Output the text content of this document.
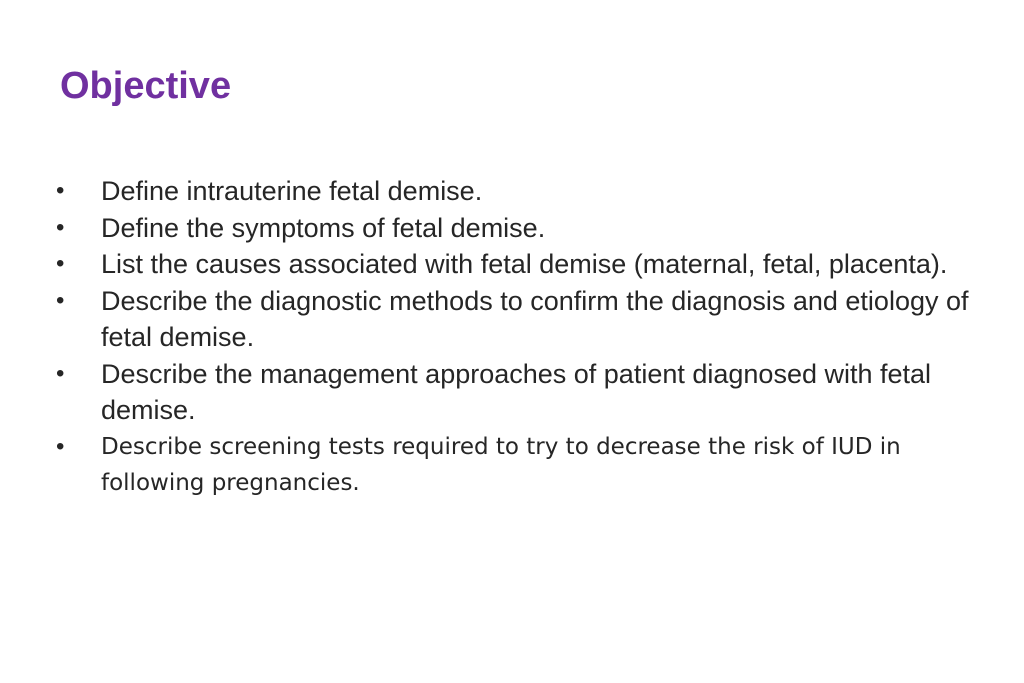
Objective
• Define intrauterine fetal demise.
• Define the symptoms of fetal demise.
• List the causes associated with fetal demise (maternal, fetal, placenta).
• Describe the diagnostic methods to confirm the diagnosis and etiology of fetal demise.
• Describe the management approaches of patient diagnosed with fetal demise.
• Describe screening tests required to try to decrease the risk of IUD in following pregnancies.
